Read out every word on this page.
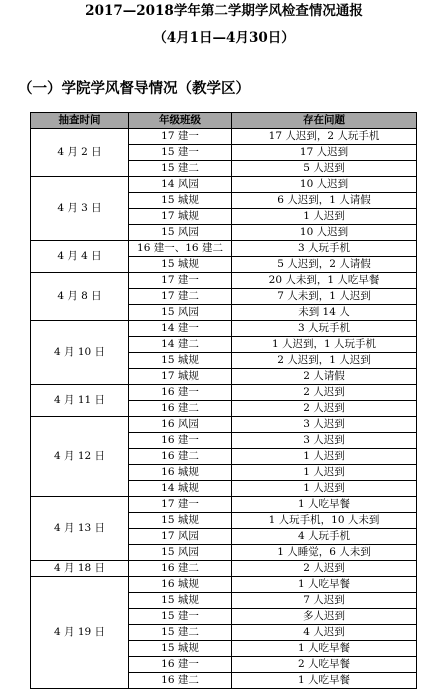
2017—2018学年第二学期学风检查情况通报
（4月1日—4月30日）
（一）学院学风督导情况（教学区）
抽查时间	年级班级	存在问题
4 月 2 日	17 建一	17 人迟到，2 人玩手机
	15 建一	17 人迟到
	15 建二	5 人迟到
4 月 3 日	14 风园	10 人迟到
	15 城规	6 人迟到，1 人请假
	17 城规	1 人迟到
	15 风园	10 人迟到
4 月 4 日	16 建一、16 建二	3 人玩手机
	15 城规	5 人迟到，2 人请假
4 月 8 日	17 建一	20 人未到，1 人吃早餐
	17 建二	7 人未到，1 人迟到
	15 风园	未到 14 人
4 月 10 日	14 建一	3 人玩手机
	14 建二	1 人迟到，1 人玩手机
	15 城规	2 人迟到，1 人迟到
	17 城规	2 人请假
4 月 11 日	16 建一	2 人迟到
	16 建二	2 人迟到
4 月 12 日	16 风园	3 人迟到
	16 建一	3 人迟到
	16 建二	1 人迟到
	16 城规	1 人迟到
	14 城规	1 人迟到
4 月 13 日	17 建一	1 人吃早餐
	15 城规	1 人玩手机，10 人未到
	17 风园	4 人玩手机
	15 风园	1 人睡觉，6 人未到
4 月 18 日	16 建二	2 人迟到
4 月 19 日	16 城规	1 人吃早餐
	15 城规	7 人迟到
	15 建一	多人迟到
	15 建二	4 人迟到
	15 城规	1 人吃早餐
	16 建一	2 人吃早餐
	16 建二	1 人吃早餐
